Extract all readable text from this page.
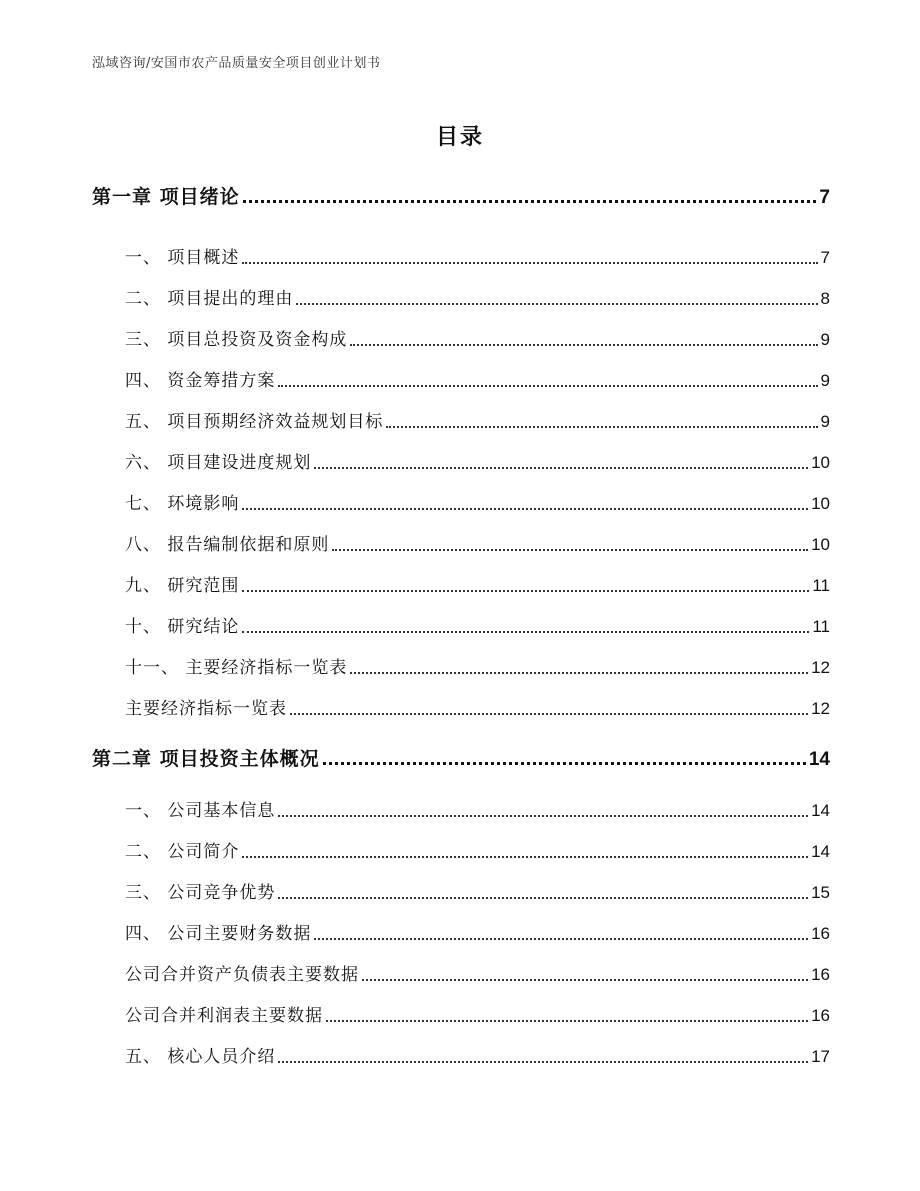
泓域咨询/安国市农产品质量安全项目创业计划书
目录
第一章 项目绪论	7
一、 项目概述	7
二、 项目提出的理由	8
三、 项目总投资及资金构成	9
四、 资金筹措方案	9
五、 项目预期经济效益规划目标	9
六、 项目建设进度规划	10
七、 环境影响	10
八、 报告编制依据和原则	10
九、 研究范围	11
十、 研究结论	11
十一、 主要经济指标一览表	12
主要经济指标一览表	12
第二章 项目投资主体概况	14
一、 公司基本信息	14
二、 公司简介	14
三、 公司竞争优势	15
四、 公司主要财务数据	16
公司合并资产负债表主要数据	16
公司合并利润表主要数据	16
五、 核心人员介绍	17
